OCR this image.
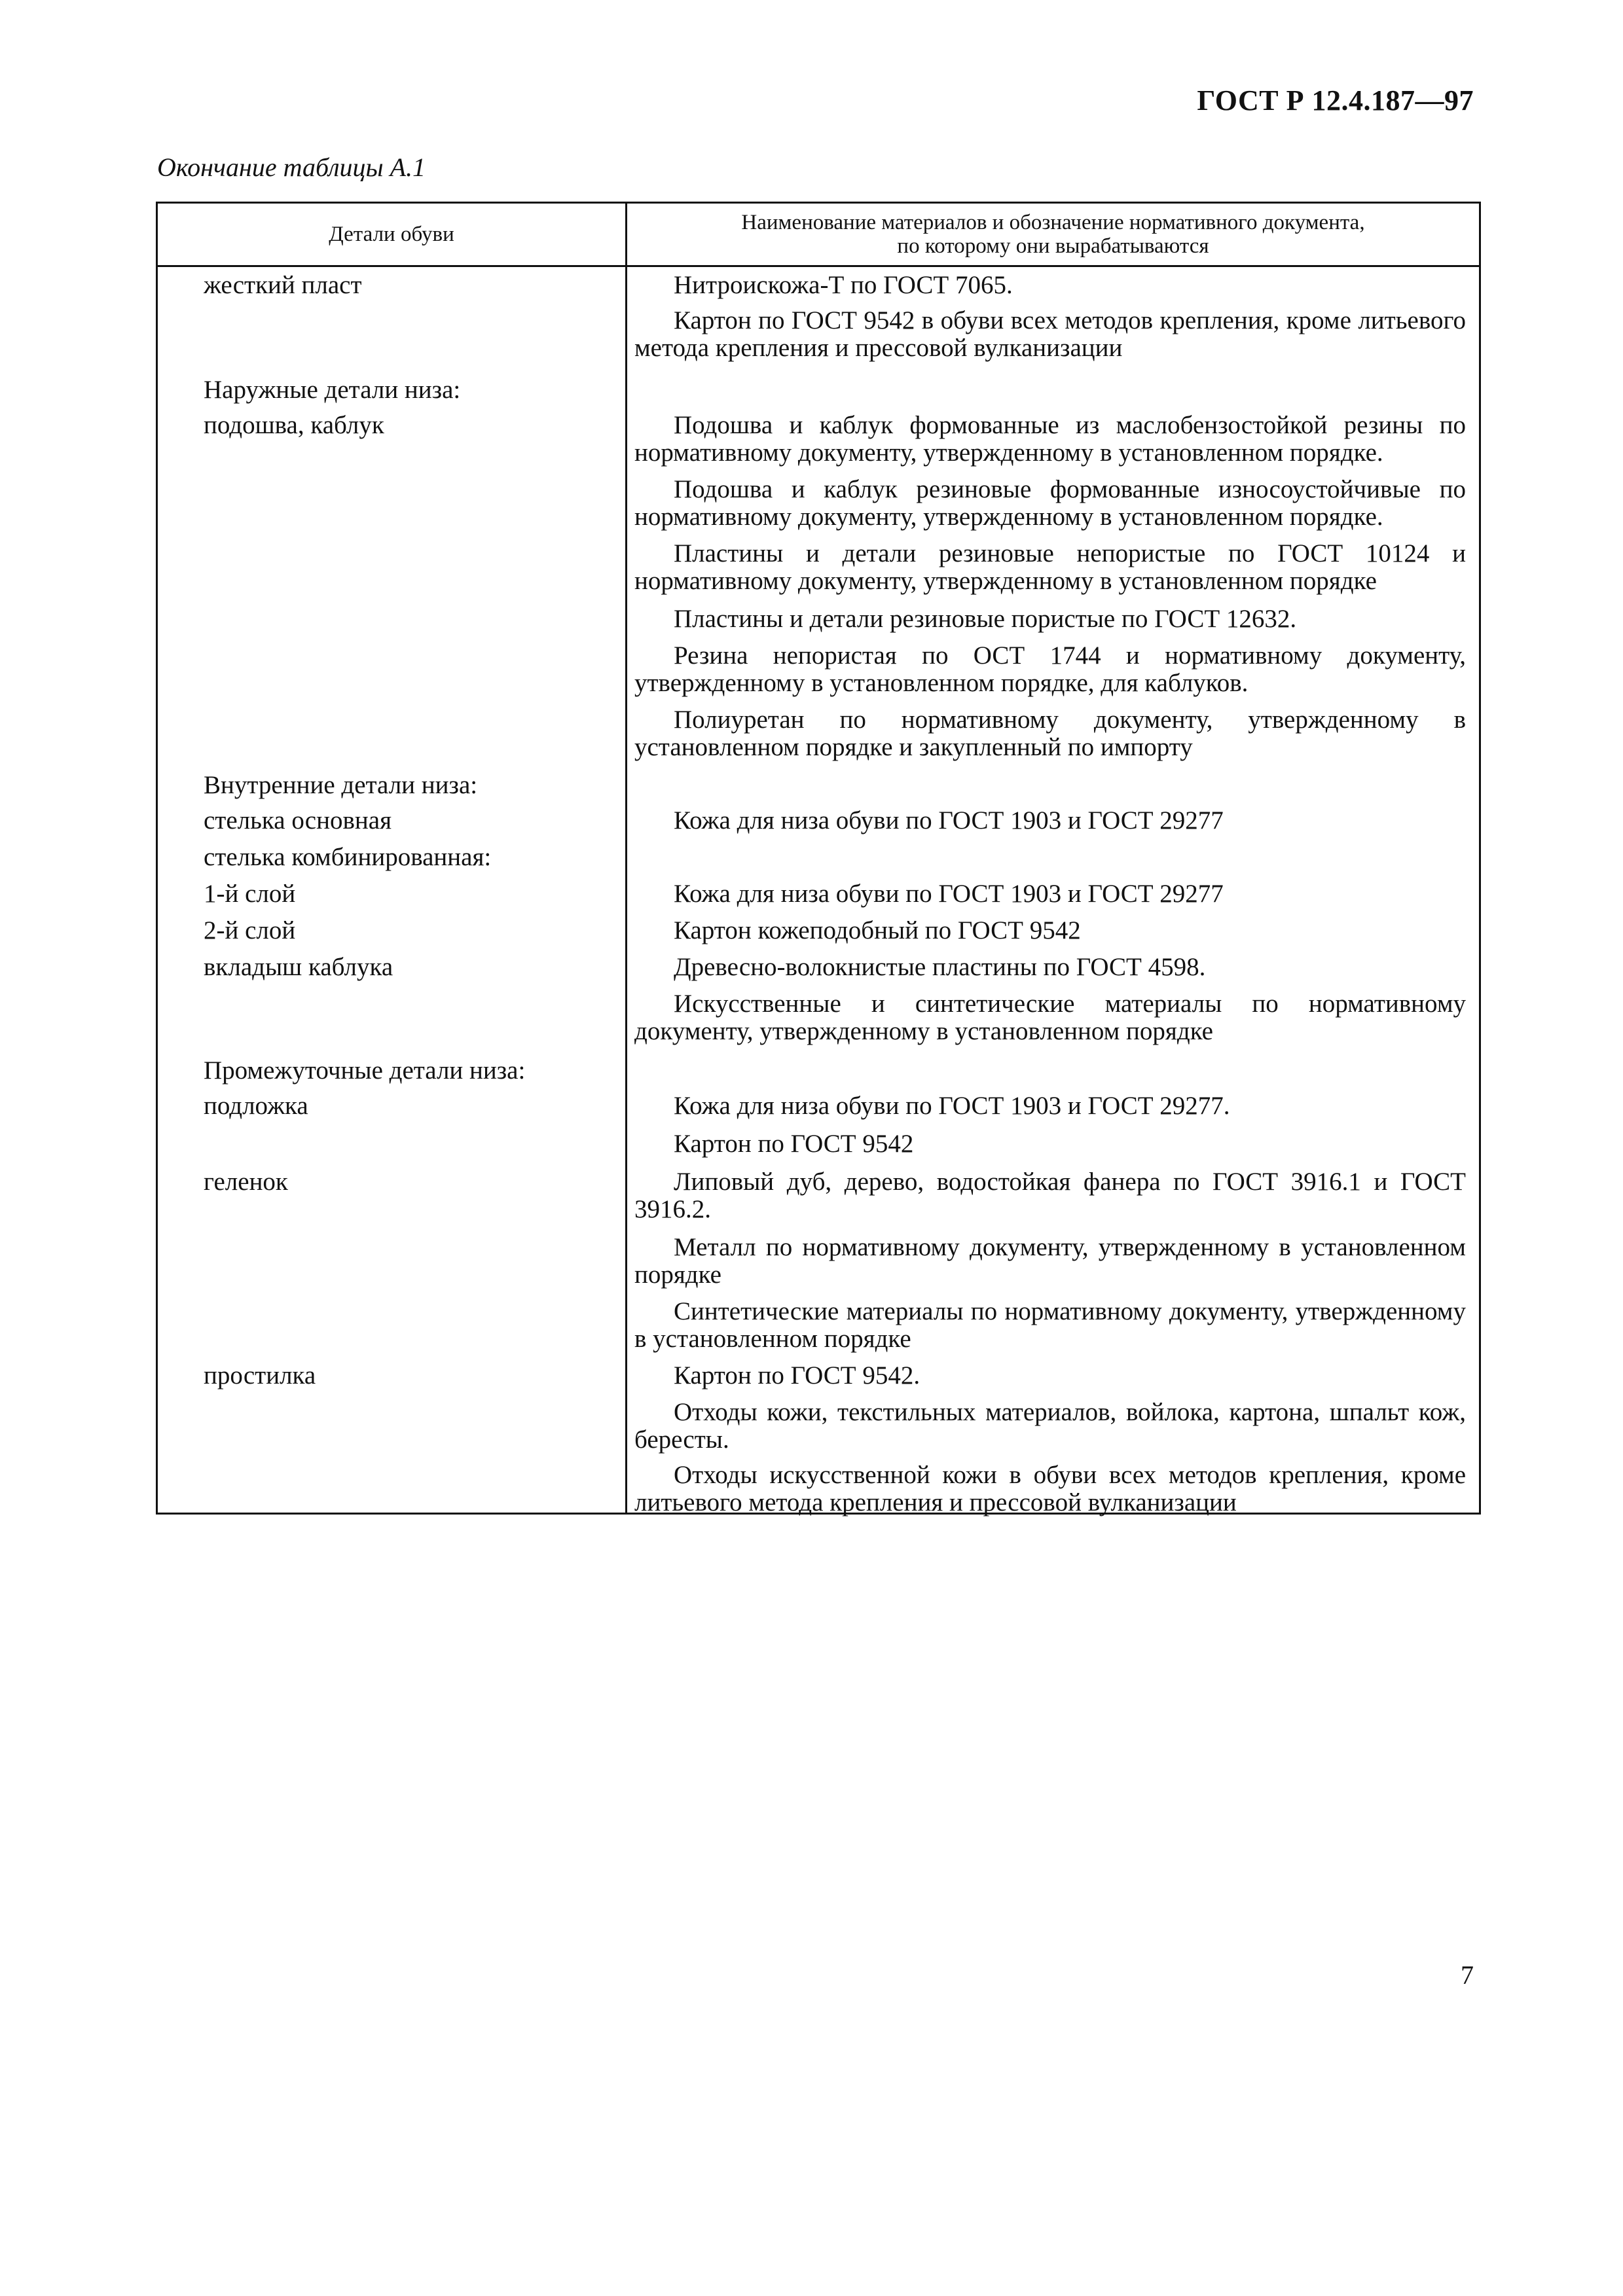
ГОСТ Р 12.4.187—97
Окончание таблицы А.1
Детали обуви	Наименование материалов и обозначение нормативного документа,
по которому они вырабатываются
жесткий пласт
Наружные детали низа:
подошва, каблук
Внутренние детали низа:
стелька основная
стелька комбинированная:
1-й слой
2-й слой
вкладыш каблука
Промежуточные детали низа:
подложка
геленок
простилка
Нитроискожа-Т по ГОСТ 7065.
Картон по ГОСТ 9542 в обуви всех методов крепления, кроме литьевого метода крепления и прессовой вулканизации
Подошва и каблук формованные из маслобензостойкой резины по нормативному документу, утвержденному в установленном порядке.
Подошва и каблук резиновые формованные износоустойчивые по нормативному документу, утвержденному в установленном порядке.
Пластины и детали резиновые непористые по ГОСТ 10124 и нормативному документу, утвержденному в установленном порядке
Пластины и детали резиновые пористые по ГОСТ 12632.
Резина непористая по ОСТ 1744 и нормативному документу, утвержденному в установленном порядке, для каблуков.
Полиуретан по нормативному документу, утвержденному в установленном порядке и закупленный по импорту
Кожа для низа обуви по ГОСТ 1903 и ГОСТ 29277
Кожа для низа обуви по ГОСТ 1903 и ГОСТ 29277
Картон кожеподобный по ГОСТ 9542
Древесно-волокнистые пластины по ГОСТ 4598.
Искусственные и синтетические материалы по нормативному документу, утвержденному в установленном порядке
Кожа для низа обуви по ГОСТ 1903 и ГОСТ 29277.
Картон по ГОСТ 9542
Липовый дуб, дерево, водостойкая фанера по ГОСТ 3916.1 и ГОСТ 3916.2.
Металл по нормативному документу, утвержденному в установленном порядке
Синтетические материалы по нормативному документу, утвержденному в установленном порядке
Картон по ГОСТ 9542.
Отходы кожи, текстильных материалов, войлока, картона, шпальт кож, бересты.
Отходы искусственной кожи в обуви всех методов крепления, кроме литьевого метода крепления и прессовой вулканизации
7
